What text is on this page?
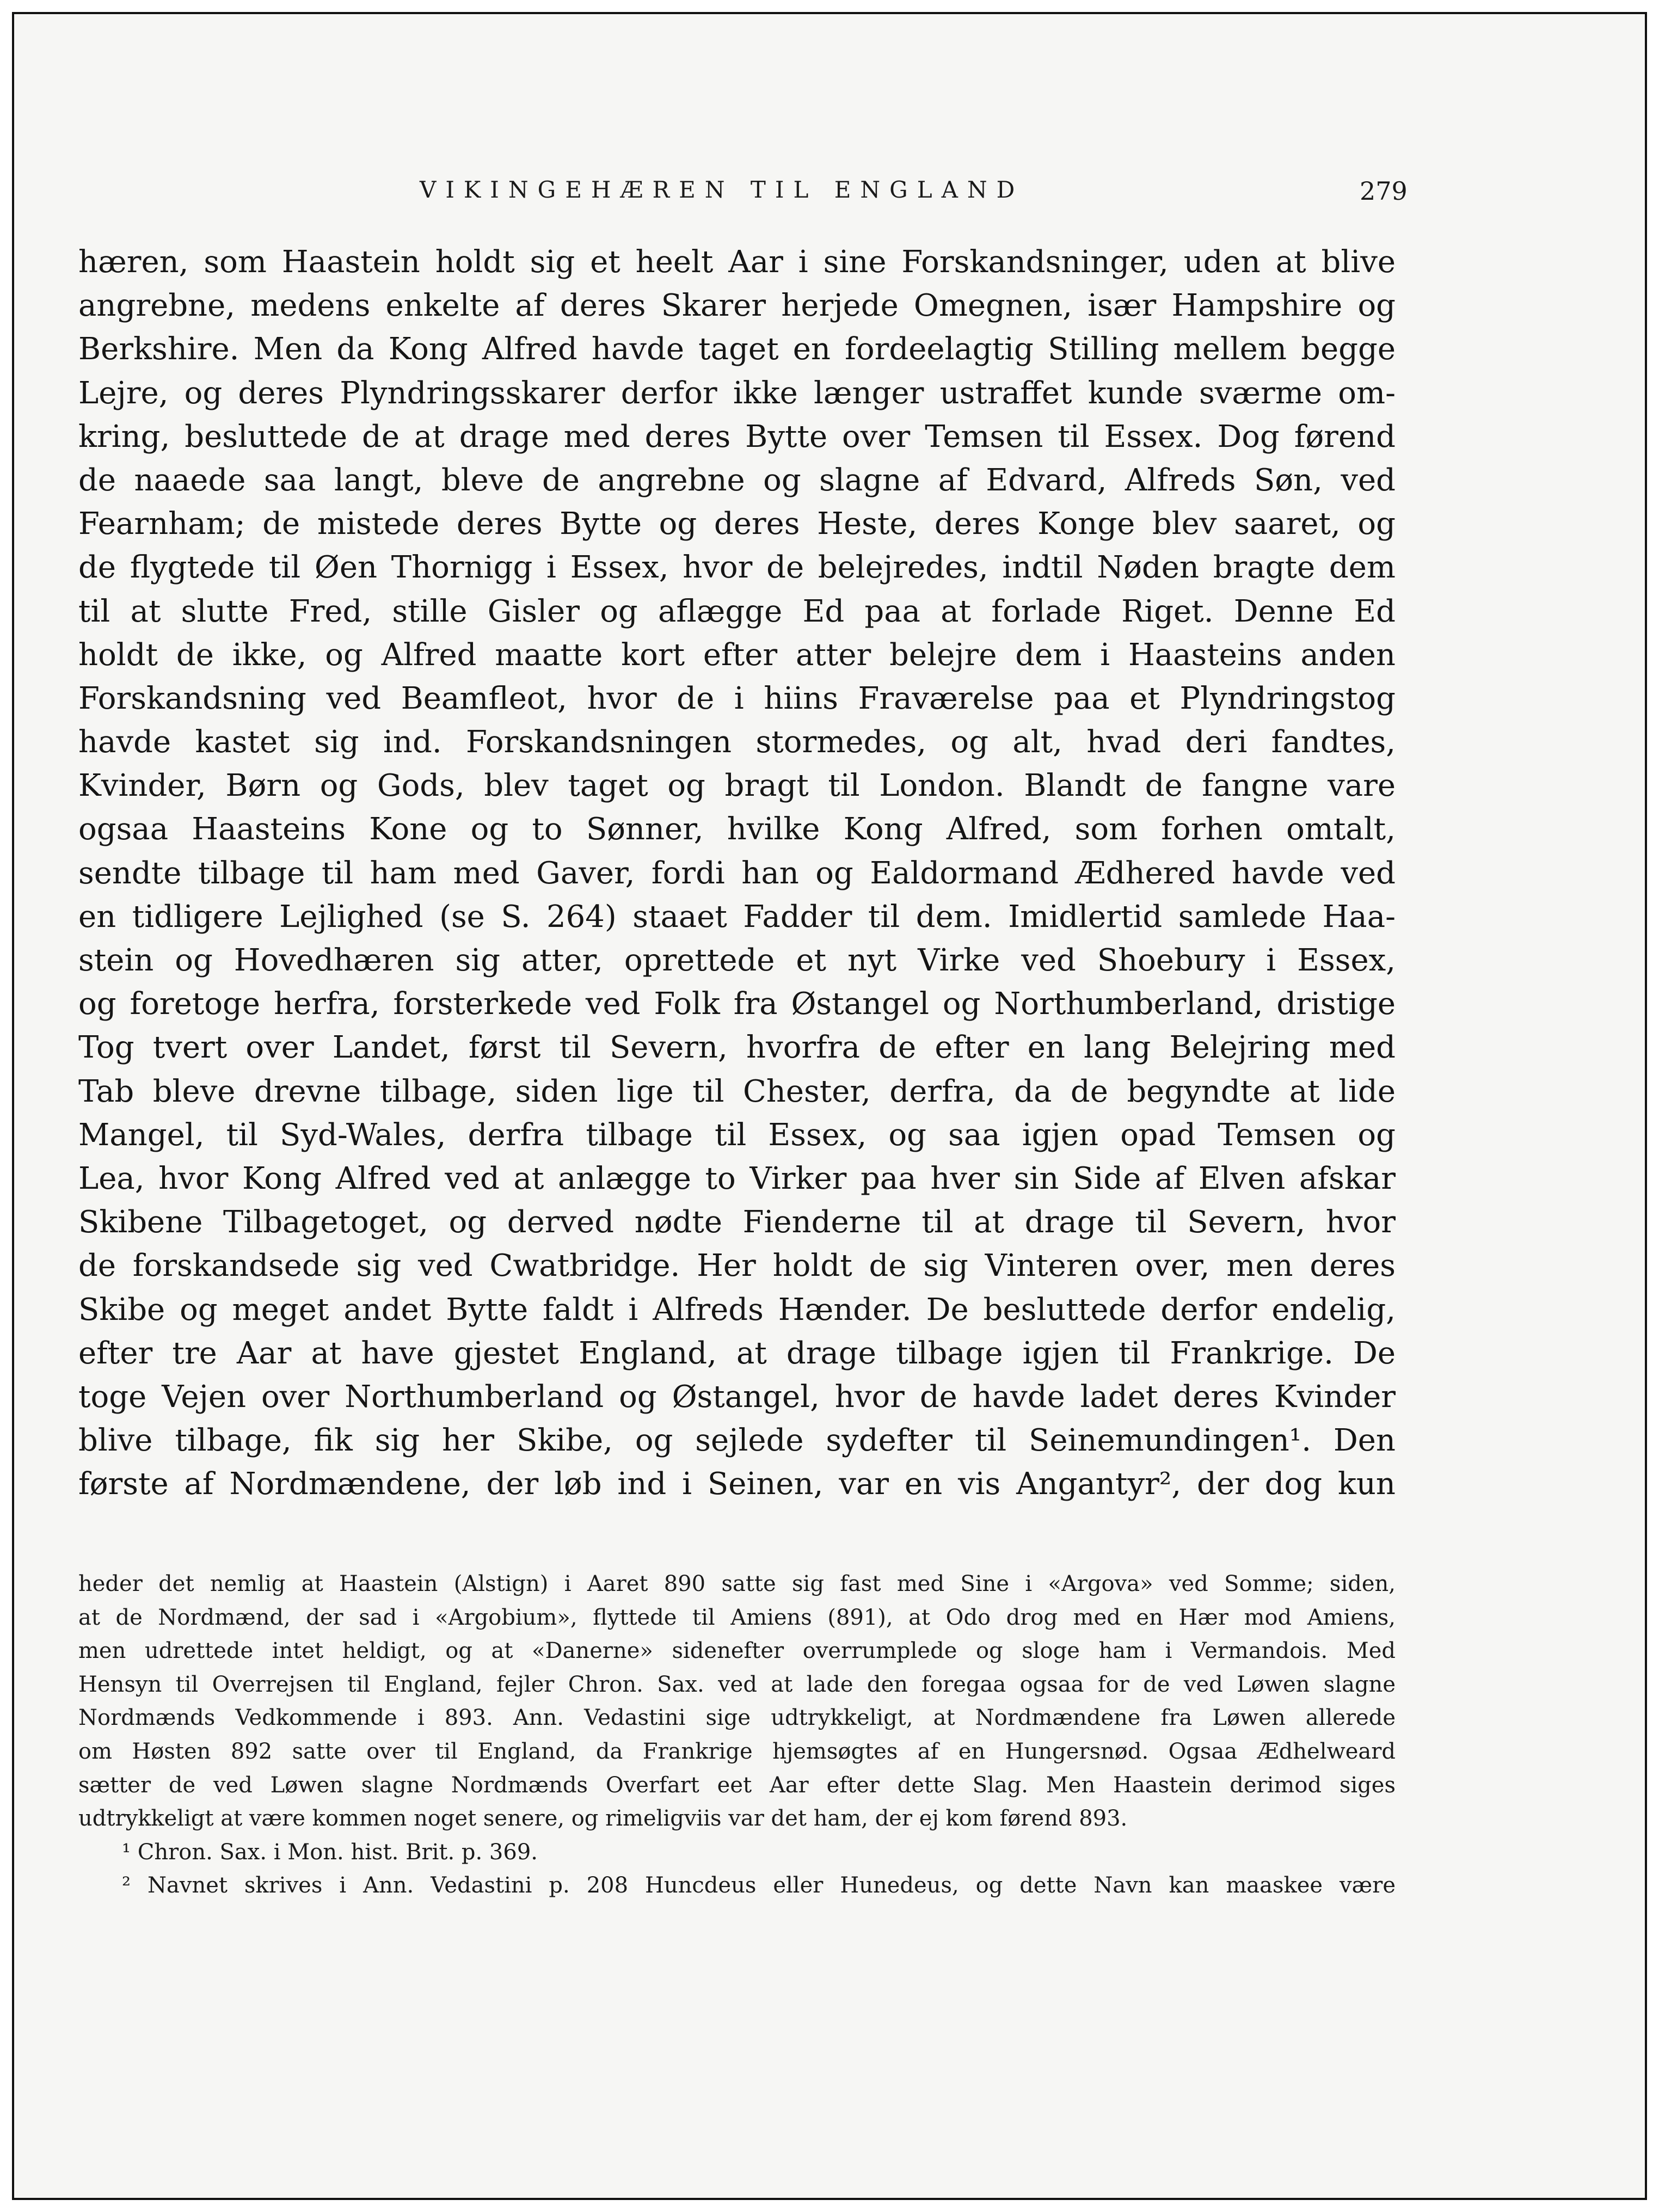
VIKINGEHÆREN TIL ENGLAND	279
hæren, som Haastein holdt sig et heelt Aar i sine Forskandsninger, uden at blive
angrebne, medens enkelte af deres Skarer herjede Omegnen, især Hampshire og
Berkshire. Men da Kong Alfred havde taget en fordeelagtig Stilling mellem begge
Lejre, og deres Plyndringsskarer derfor ikke længer ustraffet kunde sværme om-
kring, besluttede de at drage med deres Bytte over Temsen til Essex. Dog førend
de naaede saa langt, bleve de angrebne og slagne af Edvard, Alfreds Søn, ved
Fearnham; de mistede deres Bytte og deres Heste, deres Konge blev saaret, og
de flygtede til Øen Thornigg i Essex, hvor de belejredes, indtil Nøden bragte dem
til at slutte Fred, stille Gisler og aflægge Ed paa at forlade Riget. Denne Ed
holdt de ikke, og Alfred maatte kort efter atter belejre dem i Haasteins anden
Forskandsning ved Beamfleot, hvor de i hiins Fraværelse paa et Plyndringstog
havde kastet sig ind. Forskandsningen stormedes, og alt, hvad deri fandtes,
Kvinder, Børn og Gods, blev taget og bragt til London. Blandt de fangne vare
ogsaa Haasteins Kone og to Sønner, hvilke Kong Alfred, som forhen omtalt,
sendte tilbage til ham med Gaver, fordi han og Ealdormand Ædhered havde ved
en tidligere Lejlighed (se S. 264) staaet Fadder til dem. Imidlertid samlede Haa-
stein og Hovedhæren sig atter, oprettede et nyt Virke ved Shoebury i Essex,
og foretoge herfra, forsterkede ved Folk fra Østangel og Northumberland, dristige
Tog tvert over Landet, først til Severn, hvorfra de efter en lang Belejring med
Tab bleve drevne tilbage, siden lige til Chester, derfra, da de begyndte at lide
Mangel, til Syd-Wales, derfra tilbage til Essex, og saa igjen opad Temsen og
Lea, hvor Kong Alfred ved at anlægge to Virker paa hver sin Side af Elven afskar
Skibene Tilbagetoget, og derved nødte Fienderne til at drage til Severn, hvor
de forskandsede sig ved Cwatbridge. Her holdt de sig Vinteren over, men deres
Skibe og meget andet Bytte faldt i Alfreds Hænder. De besluttede derfor endelig,
efter tre Aar at have gjestet England, at drage tilbage igjen til Frankrige. De
toge Vejen over Northumberland og Østangel, hvor de havde ladet deres Kvinder
blive tilbage, fik sig her Skibe, og sejlede sydefter til Seinemundingen¹. Den
første af Nordmændene, der løb ind i Seinen, var en vis Angantyr², der dog kun
heder det nemlig at Haastein (Alstign) i Aaret 890 satte sig fast med Sine i «Argova» ved Somme; siden,
at de Nordmænd, der sad i «Argobium», flyttede til Amiens (891), at Odo drog med en Hær mod Amiens,
men udrettede intet heldigt, og at «Danerne» sidenefter overrumplede og sloge ham i Vermandois. Med
Hensyn til Overrejsen til England, fejler Chron. Sax. ved at lade den foregaa ogsaa for de ved Løwen slagne
Nordmænds Vedkommende i 893. Ann. Vedastini sige udtrykkeligt, at Nordmændene fra Løwen allerede
om Høsten 892 satte over til England, da Frankrige hjemsøgtes af en Hungersnød. Ogsaa Ædhelweard
sætter de ved Løwen slagne Nordmænds Overfart eet Aar efter dette Slag. Men Haastein derimod siges
udtrykkeligt at være kommen noget senere, og rimeligviis var det ham, der ej kom førend 893.
¹ Chron. Sax. i Mon. hist. Brit. p. 369.
² Navnet skrives i Ann. Vedastini p. 208 Huncdeus eller Hunedeus, og dette Navn kan maaskee være
